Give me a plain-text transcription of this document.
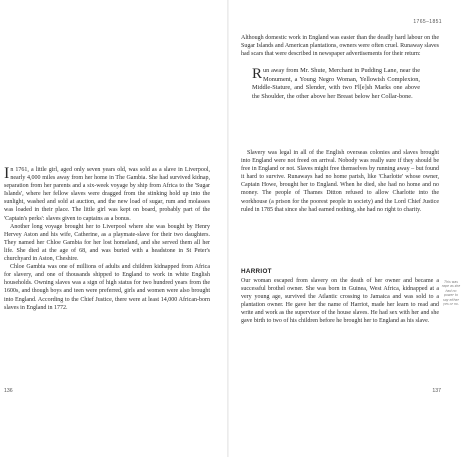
In 1761, a little girl, aged only seven years old, was sold as a slave in Liverpool, nearly 4,000 miles away from her home in The Gambia. She had survived kidnap, separation from her parents and a six-week voyage by ship from Africa to the 'Sugar Islands', where her fellow slaves were dragged from the stinking hold up into the sunlight, washed and sold at auction, and the new load of sugar, rum and molasses was loaded in their place. The little girl was kept on board, probably part of the 'Captain's perks': slaves given to captains as a bonus.

Another long voyage brought her to Liverpool where she was bought by Henry Hervey Aston and his wife, Catherine, as a playmate-slave for their two daughters. They named her Chloe Gambia for her lost homeland, and she served them all her life. She died at the age of 68, and was buried with a headstone in St Peter's churchyard in Aston, Cheshire.

Chloe Gambia was one of millions of adults and children kidnapped from Africa for slavery, and one of thousands shipped to England to work in white English households. Owning slaves was a sign of high status for two hundred years from the 1600s, and though boys and teen were preferred, girls and women were also brought into England. According to the Chief Justice, there were at least 14,000 African-born slaves in England in 1772.

136
1765–1851

Although domestic work in England was easier than the deadly hard labour on the Sugar Islands and American plantations, owners were often cruel. Runaway slaves had scars that were described in newspaper advertisements for their return:

Run away from Mr. Shute, Merchant in Pudding Lane, near the Monument, a Young Negro Woman, Yellowish Complexion, Middle-Stature, and Slender, with two Fl[e]sh Marks one above the Shoulder, the other above her Breast below her Collar-bone.

Slavery was legal in all of the English overseas colonies and slaves brought into England were not freed on arrival. Nobody was really sure if they should be free in England or not. Slaves might free themselves by running away – but found it hard to survive. Runaways had no home parish, like 'Charlotte' whose owner, Captain Howe, brought her to England. When he died, she had no home and no money. The people of Thames Ditton refused to allow Charlotte into the workhouse (a prison for the poorest people in society) and the Lord Chief Justice ruled in 1785 that since she had earned nothing, she had no right to charity.

HARRIOT

Our woman escaped from slavery on the death of her owner and became a successful brothel owner. She was born in Guinea, West Africa, kidnapped at a very young age, survived the Atlantic crossing to Jamaica and was sold to a plantation owner. He gave her the name of Harriot, made her learn to read and write and work as the supervisor of the house slaves. He had sex with her and she gave birth to two of his children before he brought her to England as his slave.

This was rape as she had no power to say either yes or no.
137
